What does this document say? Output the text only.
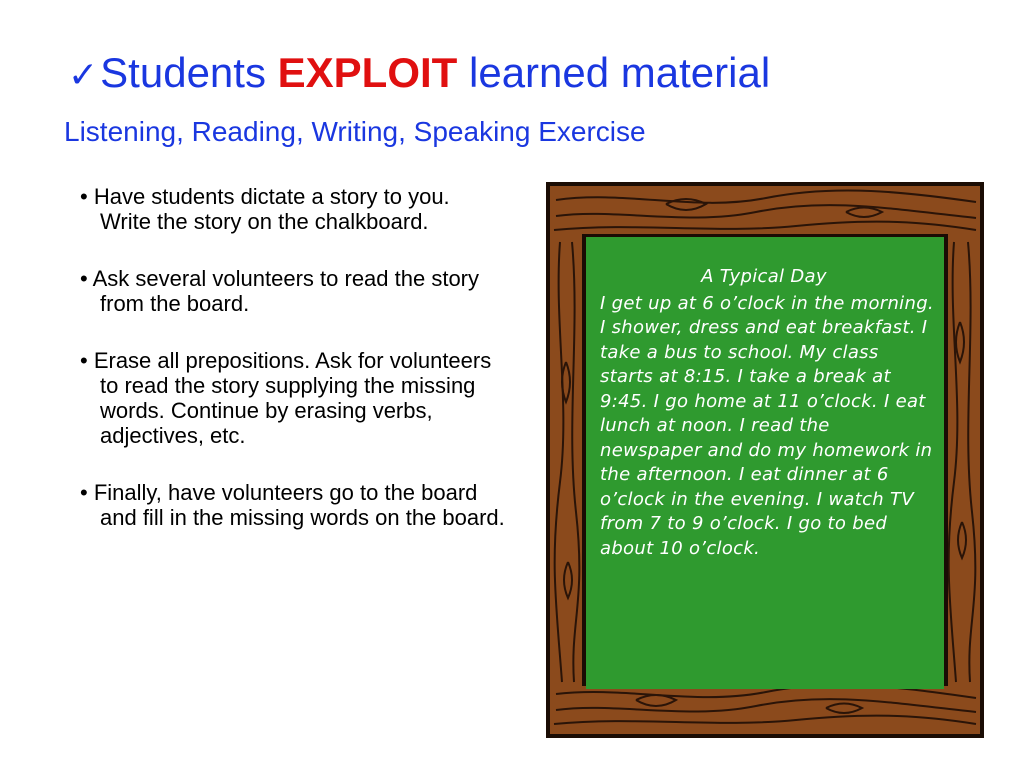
✓Students EXPLOIT learned material
Listening, Reading, Writing, Speaking Exercise
• Have students dictate a story to you. Write the story on the chalkboard.
• Ask several volunteers to read the story from the board.
• Erase all prepositions. Ask for volunteers to read the story supplying the missing words. Continue by erasing verbs, adjectives, etc.
• Finally, have volunteers go to the board and fill in the missing words on the board.
A Typical Day
I get up at 6 o’clock in the morning. I shower, dress and eat breakfast. I take a bus to school. My class starts at 8:15. I take a break at 9:45. I go home at 11 o’clock. I eat lunch at noon. I read the newspaper and do my homework in the afternoon. I eat dinner at 6 o’clock in the evening. I watch TV from 7 to 9 o’clock. I go to bed about 10 o’clock.
